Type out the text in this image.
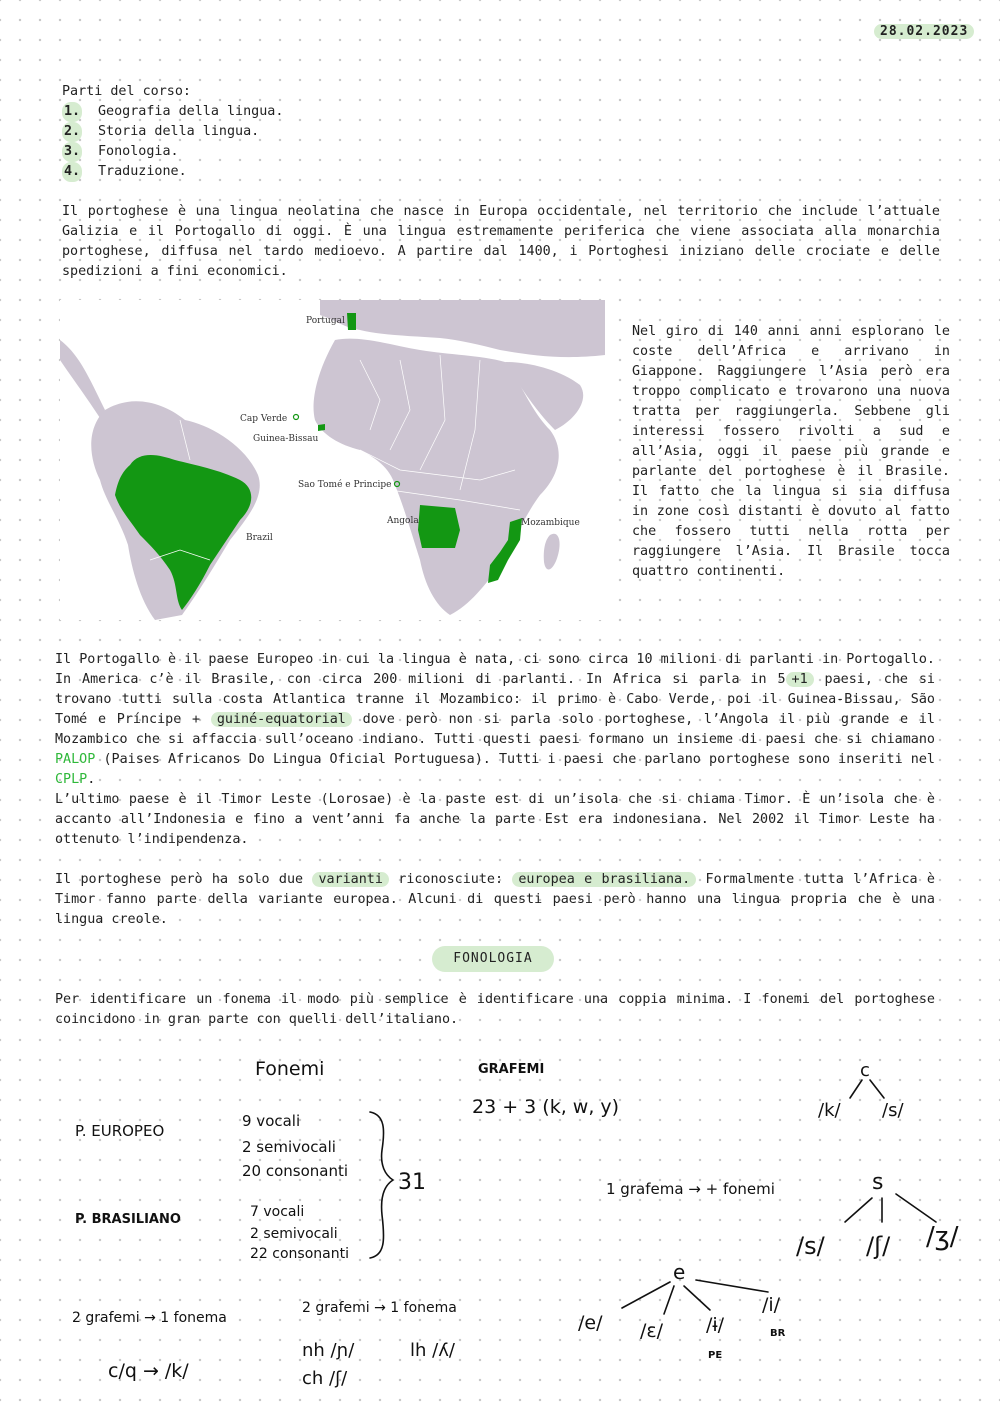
28.02.2023
Parti del corso:
1. Geografia della lingua.
2. Storia della lingua.
3. Fonologia.
4. Traduzione.
Il portoghese è una lingua neolatina che nasce in Europa occidentale, nel territorio che include l’attuale Galizia e il Portogallo di oggi. È una lingua estremamente periferica che viene associata alla monarchia portoghese, diffusa nel tardo medioevo. A partire dal 1400, i Portoghesi iniziano delle crociate e delle spedizioni a fini economici.
Portugal
Cap Verde
Guinea-Bissau
Sao Tomé e Principe
Angola	Mozambique
Brazil
Nel giro di 140 anni anni esplorano le coste dell’Africa e arrivano in Giappone. Raggiungere l’Asia però era troppo complicato e trovarono una nuova tratta per raggiungerla. Sebbene gli interessi fossero rivolti a sud e all’Asia, oggi il paese più grande e parlante del portoghese è il Brasile. Il fatto che la lingua si sia diffusa in zone così distanti è dovuto al fatto che fossero tutti nella rotta per raggiungere l’Asia. Il Brasile tocca quattro continenti.
Il Portogallo è il paese Europeo in cui la lingua è nata, ci sono circa 10 milioni di parlanti in Portogallo. In America c’è il Brasile, con circa 200 milioni di parlanti. In Africa si parla in 5 +1 paesi, che si trovano tutti sulla costa Atlantica tranne il Mozambico: il primo è Cabo Verde, poi il Guinea-Bissau, São Tomé e Príncipe + guiné-equatorial dove però non si parla solo portoghese, l’Angola il più grande e il Mozambico che si affaccia sull’oceano indiano. Tutti questi paesi formano un insieme di paesi che si chiamano PALOP (Paises Africanos Do Lingua Oficial Portuguesa). Tutti i paesi che parlano portoghese sono inseriti nel CPLP.
L’ultimo paese è il Timor Leste (Lorosae) è la paste est di un’isola che si chiama Timor. È un’isola che è accanto all’Indonesia e fino a vent’anni fa anche la parte Est era indonesiana. Nel 2002 il Timor Leste ha ottenuto l’indipendenza.
Il portoghese però ha solo due varianti riconosciute: europea e brasiliana. Formalmente tutta l’Africa è Timor fanno parte della variante europea. Alcuni di questi paesi però hanno una lingua propria che è una lingua creole.
FONOLOGIA
Per identificare un fonema il modo più semplice è identificare una coppia minima. I fonemi del portoghese coincidono in gran parte con quelli dell’italiano.
Fonemi	GRAFEMI
P. EUROPEO
P. BRASILIANO
9 vocali
2 semivocali
20 consonanti
7 vocali
2 semivocali
22 consonanti
31
23 + 3 (k, w, y)
c
/k/ /s/
1 grafema → + fonemi	s
/s/ /ʃ/ /ʒ/
2 grafemi → 1 fonema
c/q → /k/
2 grafemi → 1 fonema
nh /ɲ/	lh /ʎ/
ch /ʃ/
e
/e/ /ɛ/ /ɨ/
/i/
PE
BR
